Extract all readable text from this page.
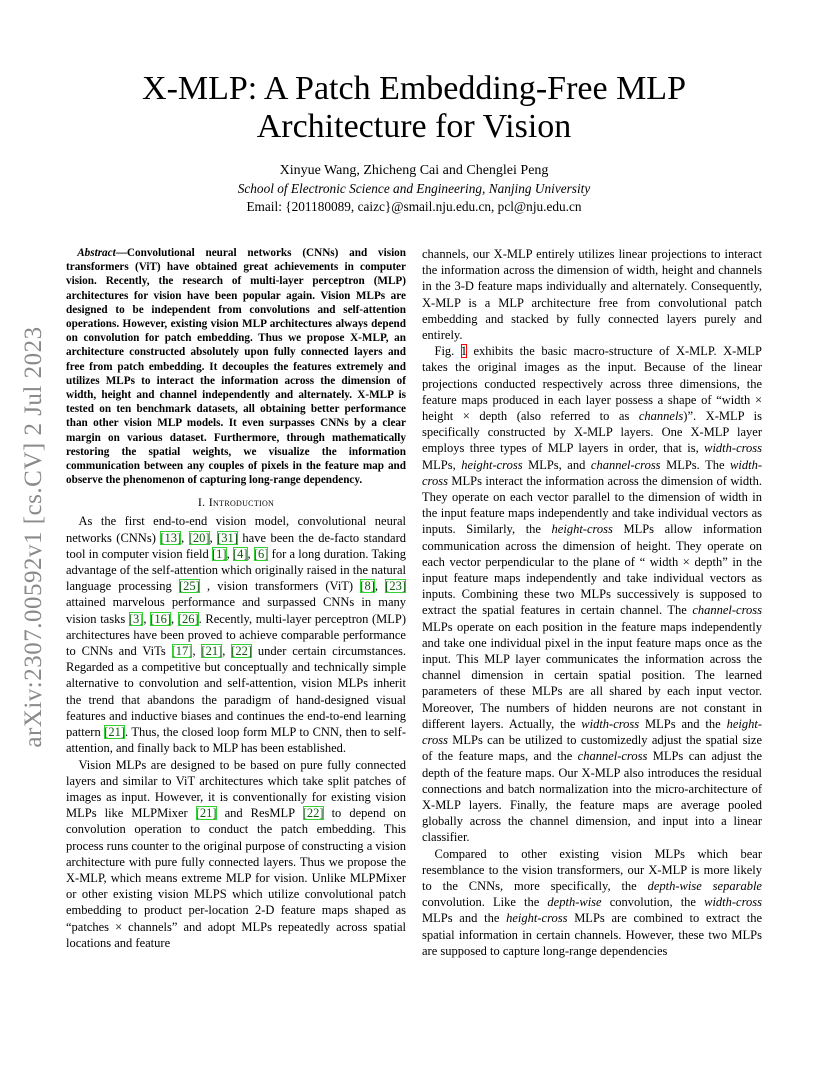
arXiv:2307.00592v1 [cs.CV] 2 Jul 2023
X-MLP: A Patch Embedding-Free MLP Architecture for Vision
Xinyue Wang, Zhicheng Cai and Chenglei Peng
School of Electronic Science and Engineering, Nanjing University
Email: {201180089, caizc}@smail.nju.edu.cn, pcl@nju.edu.cn

Abstract—Convolutional neural networks (CNNs) and vision transformers (ViT) have obtained great achievements in computer vision. Recently, the research of multi-layer perceptron (MLP) architectures for vision have been popular again. Vision MLPs are designed to be independent from convolutions and self-attention operations. However, existing vision MLP architectures always depend on convolution for patch embedding. Thus we propose X-MLP, an architecture constructed absolutely upon fully connected layers and free from patch embedding. It decouples the features extremely and utilizes MLPs to interact the information across the dimension of width, height and channel independently and alternately. X-MLP is tested on ten benchmark datasets, all obtaining better performance than other vision MLP models. It even surpasses CNNs by a clear margin on various dataset. Furthermore, through mathematically restoring the spatial weights, we visualize the information communication between any couples of pixels in the feature map and observe the phenomenon of capturing long-range dependency.

I. Introduction

As the first end-to-end vision model, convolutional neural networks (CNNs) [13], [20], [31] have been the de-facto standard tool in computer vision field [1], [4], [6] for a long duration. Taking advantage of the self-attention which originally raised in the natural language processing [25] , vision transformers (ViT) [8], [23] attained marvelous performance and surpassed CNNs in many vision tasks [3], [16], [26]. Recently, multi-layer perceptron (MLP) architectures have been proved to achieve comparable performance to CNNs and ViTs [17], [21], [22] under certain circumstances. Regarded as a competitive but conceptually and technically simple alternative to convolution and self-attention, vision MLPs inherit the trend that abandons the paradigm of hand-designed visual features and inductive biases and continues the end-to-end learning pattern [21]. Thus, the closed loop form MLP to CNN, then to self-attention, and finally back to MLP has been established.

Vision MLPs are designed to be based on pure fully connected layers and similar to ViT architectures which take split patches of images as input. However, it is conventionally for existing vision MLPs like MLPMixer [21] and ResMLP [22] to depend on convolution operation to conduct the patch embedding. This process runs counter to the original purpose of constructing a vision architecture with pure fully connected layers. Thus we propose the X-MLP, which means extreme MLP for vision. Unlike MLPMixer or other existing vision MLPS which utilize convolutional patch embedding to product per-location 2-D feature maps shaped as “patches × channels” and adopt MLPs repeatedly across spatial locations and feature

channels, our X-MLP entirely utilizes linear projections to interact the information across the dimension of width, height and channels in the 3-D feature maps individually and alternately. Consequently, X-MLP is a MLP architecture free from convolutional patch embedding and stacked by fully connected layers purely and entirely.

Fig. 1 exhibits the basic macro-structure of X-MLP. X-MLP takes the original images as the input. Because of the linear projections conducted respectively across three dimensions, the feature maps produced in each layer possess a shape of “width × height × depth (also referred to as channels)”. X-MLP is specifically constructed by X-MLP layers. One X-MLP layer employs three types of MLP layers in order, that is, width-cross MLPs, height-cross MLPs, and channel-cross MLPs. The width-cross MLPs interact the information across the dimension of width. They operate on each vector parallel to the dimension of width in the input feature maps independently and take individual vectors as inputs. Similarly, the height-cross MLPs allow information communication across the dimension of height. They operate on each vector perpendicular to the plane of “ width × depth” in the input feature maps independently and take individual vectors as inputs. Combining these two MLPs successively is supposed to extract the spatial features in certain channel. The channel-cross MLPs operate on each position in the feature maps independently and take one individual pixel in the input feature maps once as the input. This MLP layer communicates the information across the channel dimension in certain spatial position. The learned parameters of these MLPs are all shared by each input vector. Moreover, The numbers of hidden neurons are not constant in different layers. Actually, the width-cross MLPs and the height-cross MLPs can be utilized to customizedly adjust the spatial size of the feature maps, and the channel-cross MLPs can adjust the depth of the feature maps. Our X-MLP also introduces the residual connections and batch normalization into the micro-architecture of X-MLP layers. Finally, the feature maps are average pooled globally across the channel dimension, and input into a linear classifier.

Compared to other existing vision MLPs which bear resemblance to the vision transformers, our X-MLP is more likely to the CNNs, more specifically, the depth-wise separable convolution. Like the depth-wise convolution, the width-cross MLPs and the height-cross MLPs are combined to extract the spatial information in certain channels. However, these two MLPs are supposed to capture long-range dependencies
